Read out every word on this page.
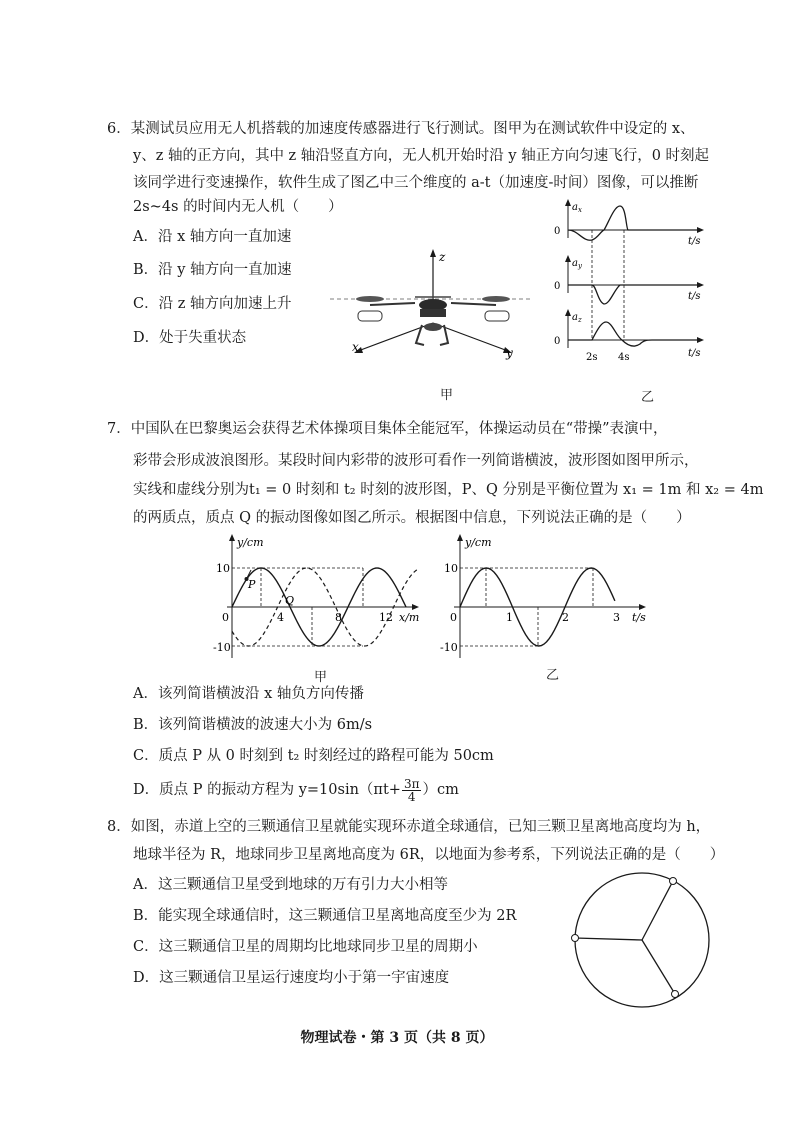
6．某测试员应用无人机搭载的加速度传感器进行飞行测试。图甲为在测试软件中设定的 x、
y、z 轴的正方向，其中 z 轴沿竖直方向，无人机开始时沿 y 轴正方向匀速飞行，0 时刻起
该同学进行变速操作，软件生成了图乙中三个维度的 a-t（加速度-时间）图像，可以推断
2s~4s 的时间内无人机（　　）
A．沿 x 轴方向一直加速
B．沿 y 轴方向一直加速
C．沿 z 轴方向加速上升
D．处于失重状态
z
x	y
甲
$a_x$
0
t/s
$a_y$
0
t/s
$a_z$
0
t/s
2s 4s
乙
7．中国队在巴黎奥运会获得艺术体操项目集体全能冠军，体操运动员在“带操”表演中，
彩带会形成波浪图形。某段时间内彩带的波形可看作一列简谐横波，波形图如图甲所示，
实线和虚线分别为t₁ = 0 时刻和 t₂ 时刻的波形图，P、Q 分别是平衡位置为 x₁ = 1m 和 x₂ = 4m
的两质点，质点 Q 的振动图像如图乙所示。根据图中信息，下列说法正确的是（　　）
y/cm
x/m
10
-10
0	4	8	12
P
Q
甲
y/cm
t/s
10
-10
0	1	2	3
乙
A．该列简谐横波沿 x 轴负方向传播
B．该列简谐横波的波速大小为 6m/s
C．质点 P 从 0 时刻到 t₂ 时刻经过的路程可能为 50cm
D．质点 P 的振动方程为 $y=10\sin(\pi t+ \frac{3\pi}{4} )cm$
8．如图，赤道上空的三颗通信卫星就能实现环赤道全球通信，已知三颗卫星离地高度均为 h，
地球半径为 R，地球同步卫星离地高度为 6R，以地面为参考系，下列说法正确的是（　　）
A．这三颗通信卫星受到地球的万有引力大小相等
B．能实现全球通信时，这三颗通信卫星离地高度至少为 2R
C．这三颗通信卫星的周期均比地球同步卫星的周期小
D．这三颗通信卫星运行速度均小于第一宇宙速度
物理试卷・第 3 页（共 8 页）
